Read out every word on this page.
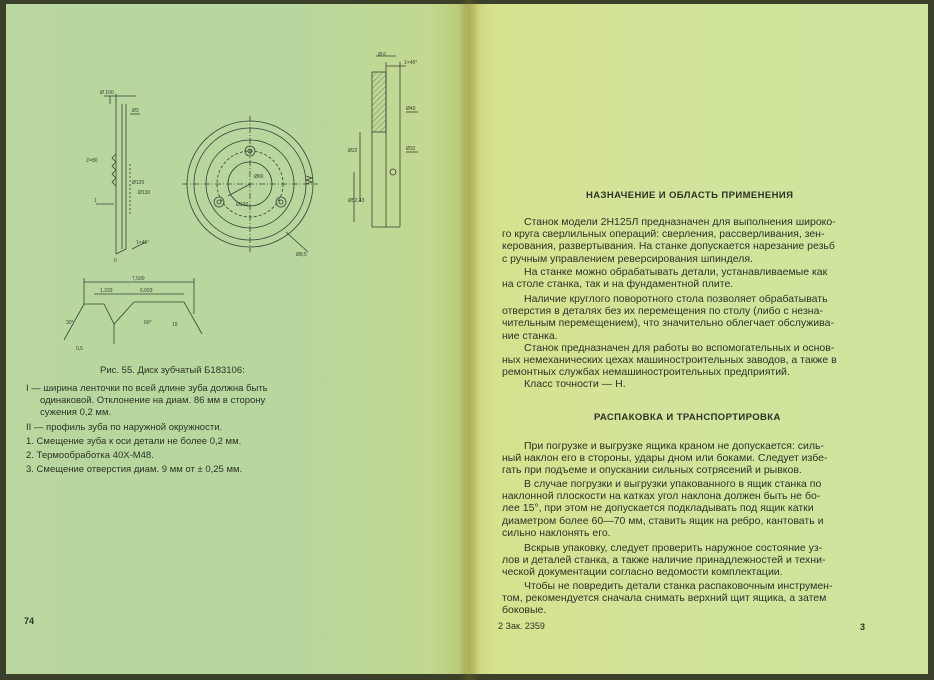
Ø 100
Z=80
Ø120
Ø130
1
1×45°
II
Ø3
Ø60
Ø100
Ø8,5
Ø 6
1×45°
Ø40
Ø22	Ø32
Ø52,43
7,500
1,333	6,003
60°
30°	15
0,5
Рис. 55. Диск зубчатый Б183106:
I — ширина ленточки по всей длине зуба должна быть
одинаковой. Отклонение на диам. 86 мм в сторону
сужения 0,2 мм.
II — профиль зуба по наружной окружности.
1. Смещение зуба к оси детали не более 0,2 мм.
2. Термообработка 40Х-М48.
3. Смещение отверстия диам. 9 мм от ± 0,25 мм.
74
НАЗНАЧЕНИЕ И ОБЛАСТЬ ПРИМЕНЕНИЯ
Станок модели 2Н125Л предназначен для выполнения широко-
го круга сверлильных операций: сверления, рассверливания, зен-
керования, развертывания. На станке допускается нарезание резьб
с ручным управлением реверсирования шпинделя.
На станке можно обрабатывать детали, устанавливаемые как
на столе станка, так и на фундаментной плите.
Наличие круглого поворотного стола позволяет обрабатывать
отверстия в деталях без их перемещения по столу (либо с незна-
чительным перемещением), что значительно облегчает обслужива-
ние станка.
Станок предназначен для работы во вспомогательных и основ-
ных немеханических цехах машиностроительных заводов, а также в
ремонтных службах немашиностроительных предприятий.
Класс точности — Н.
РАСПАКОВКА И ТРАНСПОРТИРОВКА
При погрузке и выгрузке ящика краном не допускается: силь-
ный наклон его в стороны, удары дном или боками. Следует избе-
гать при подъеме и опускании сильных сотрясений и рывков.
В случае погрузки и выгрузки упакованного в ящик станка по
наклонной плоскости на катках угол наклона должен быть не бо-
лее 15°, при этом не допускается подкладывать под ящик катки
диаметром более 60—70 мм, ставить ящик на ребро, кантовать и
сильно наклонять его.
Вскрыв упаковку, следует проверить наружное состояние уз-
лов и деталей станка, а также наличие принадлежностей и техни-
ческой документации согласно ведомости комплектации.
Чтобы не повредить детали станка распаковочным инструмен-
том, рекомендуется сначала снимать верхний щит ящика, а затем
боковые.
2 Зак. 2359	3
